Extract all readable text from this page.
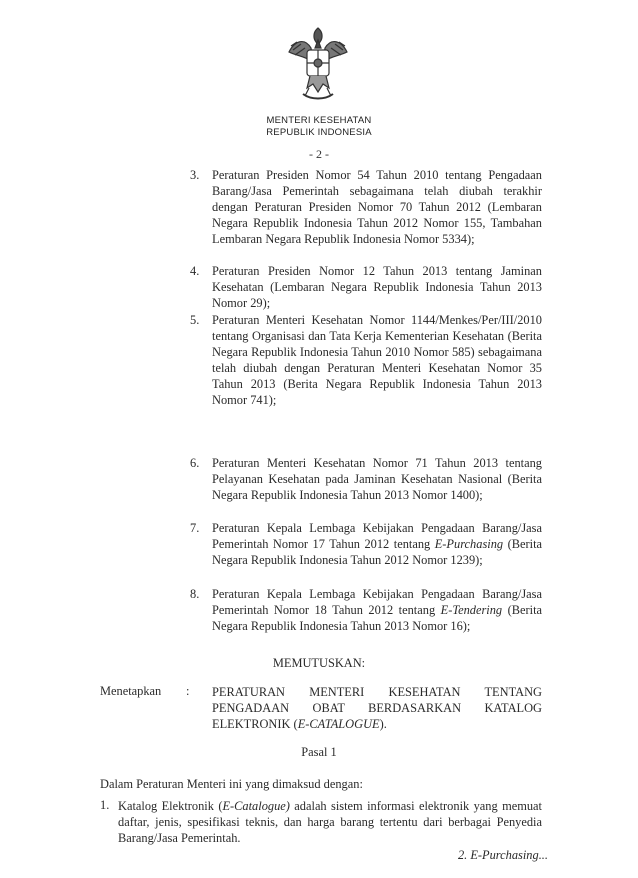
MENTERI KESEHATAN
REPUBLIK INDONESIA
- 2 -
3. Peraturan Presiden Nomor 54 Tahun 2010 tentang Pengadaan Barang/Jasa Pemerintah sebagaimana telah diubah terakhir dengan Peraturan Presiden Nomor 70 Tahun 2012 (Lembaran Negara Republik Indonesia Tahun 2012 Nomor 155, Tambahan Lembaran Negara Republik Indonesia Nomor 5334);
4. Peraturan Presiden Nomor 12 Tahun 2013 tentang Jaminan Kesehatan (Lembaran Negara Republik Indonesia Tahun 2013 Nomor 29);
5. Peraturan Menteri Kesehatan Nomor 1144/Menkes/Per/III/2010 tentang Organisasi dan Tata Kerja Kementerian Kesehatan (Berita Negara Republik Indonesia Tahun 2010 Nomor 585) sebagaimana telah diubah dengan Peraturan Menteri Kesehatan Nomor 35 Tahun 2013 (Berita Negara Republik Indonesia Tahun 2013 Nomor 741);
6. Peraturan Menteri Kesehatan Nomor 71 Tahun 2013 tentang Pelayanan Kesehatan pada Jaminan Kesehatan Nasional (Berita Negara Republik Indonesia Tahun 2013 Nomor 1400);
7. Peraturan Kepala Lembaga Kebijakan Pengadaan Barang/Jasa Pemerintah Nomor 17 Tahun 2012 tentang E-Purchasing (Berita Negara Republik Indonesia Tahun 2012 Nomor 1239);
8. Peraturan Kepala Lembaga Kebijakan Pengadaan Barang/Jasa Pemerintah Nomor 18 Tahun 2012 tentang E-Tendering (Berita Negara Republik Indonesia Tahun 2013 Nomor 16);
MEMUTUSKAN:
Menetapkan : PERATURAN MENTERI KESEHATAN TENTANG PENGADAAN OBAT BERDASARKAN KATALOG ELEKTRONIK (E-CATALOGUE).
Pasal 1
Dalam Peraturan Menteri ini yang dimaksud dengan:
1. Katalog Elektronik (E-Catalogue) adalah sistem informasi elektronik yang memuat daftar, jenis, spesifikasi teknis, dan harga barang tertentu dari berbagai Penyedia Barang/Jasa Pemerintah.
2. E-Purchasing...
